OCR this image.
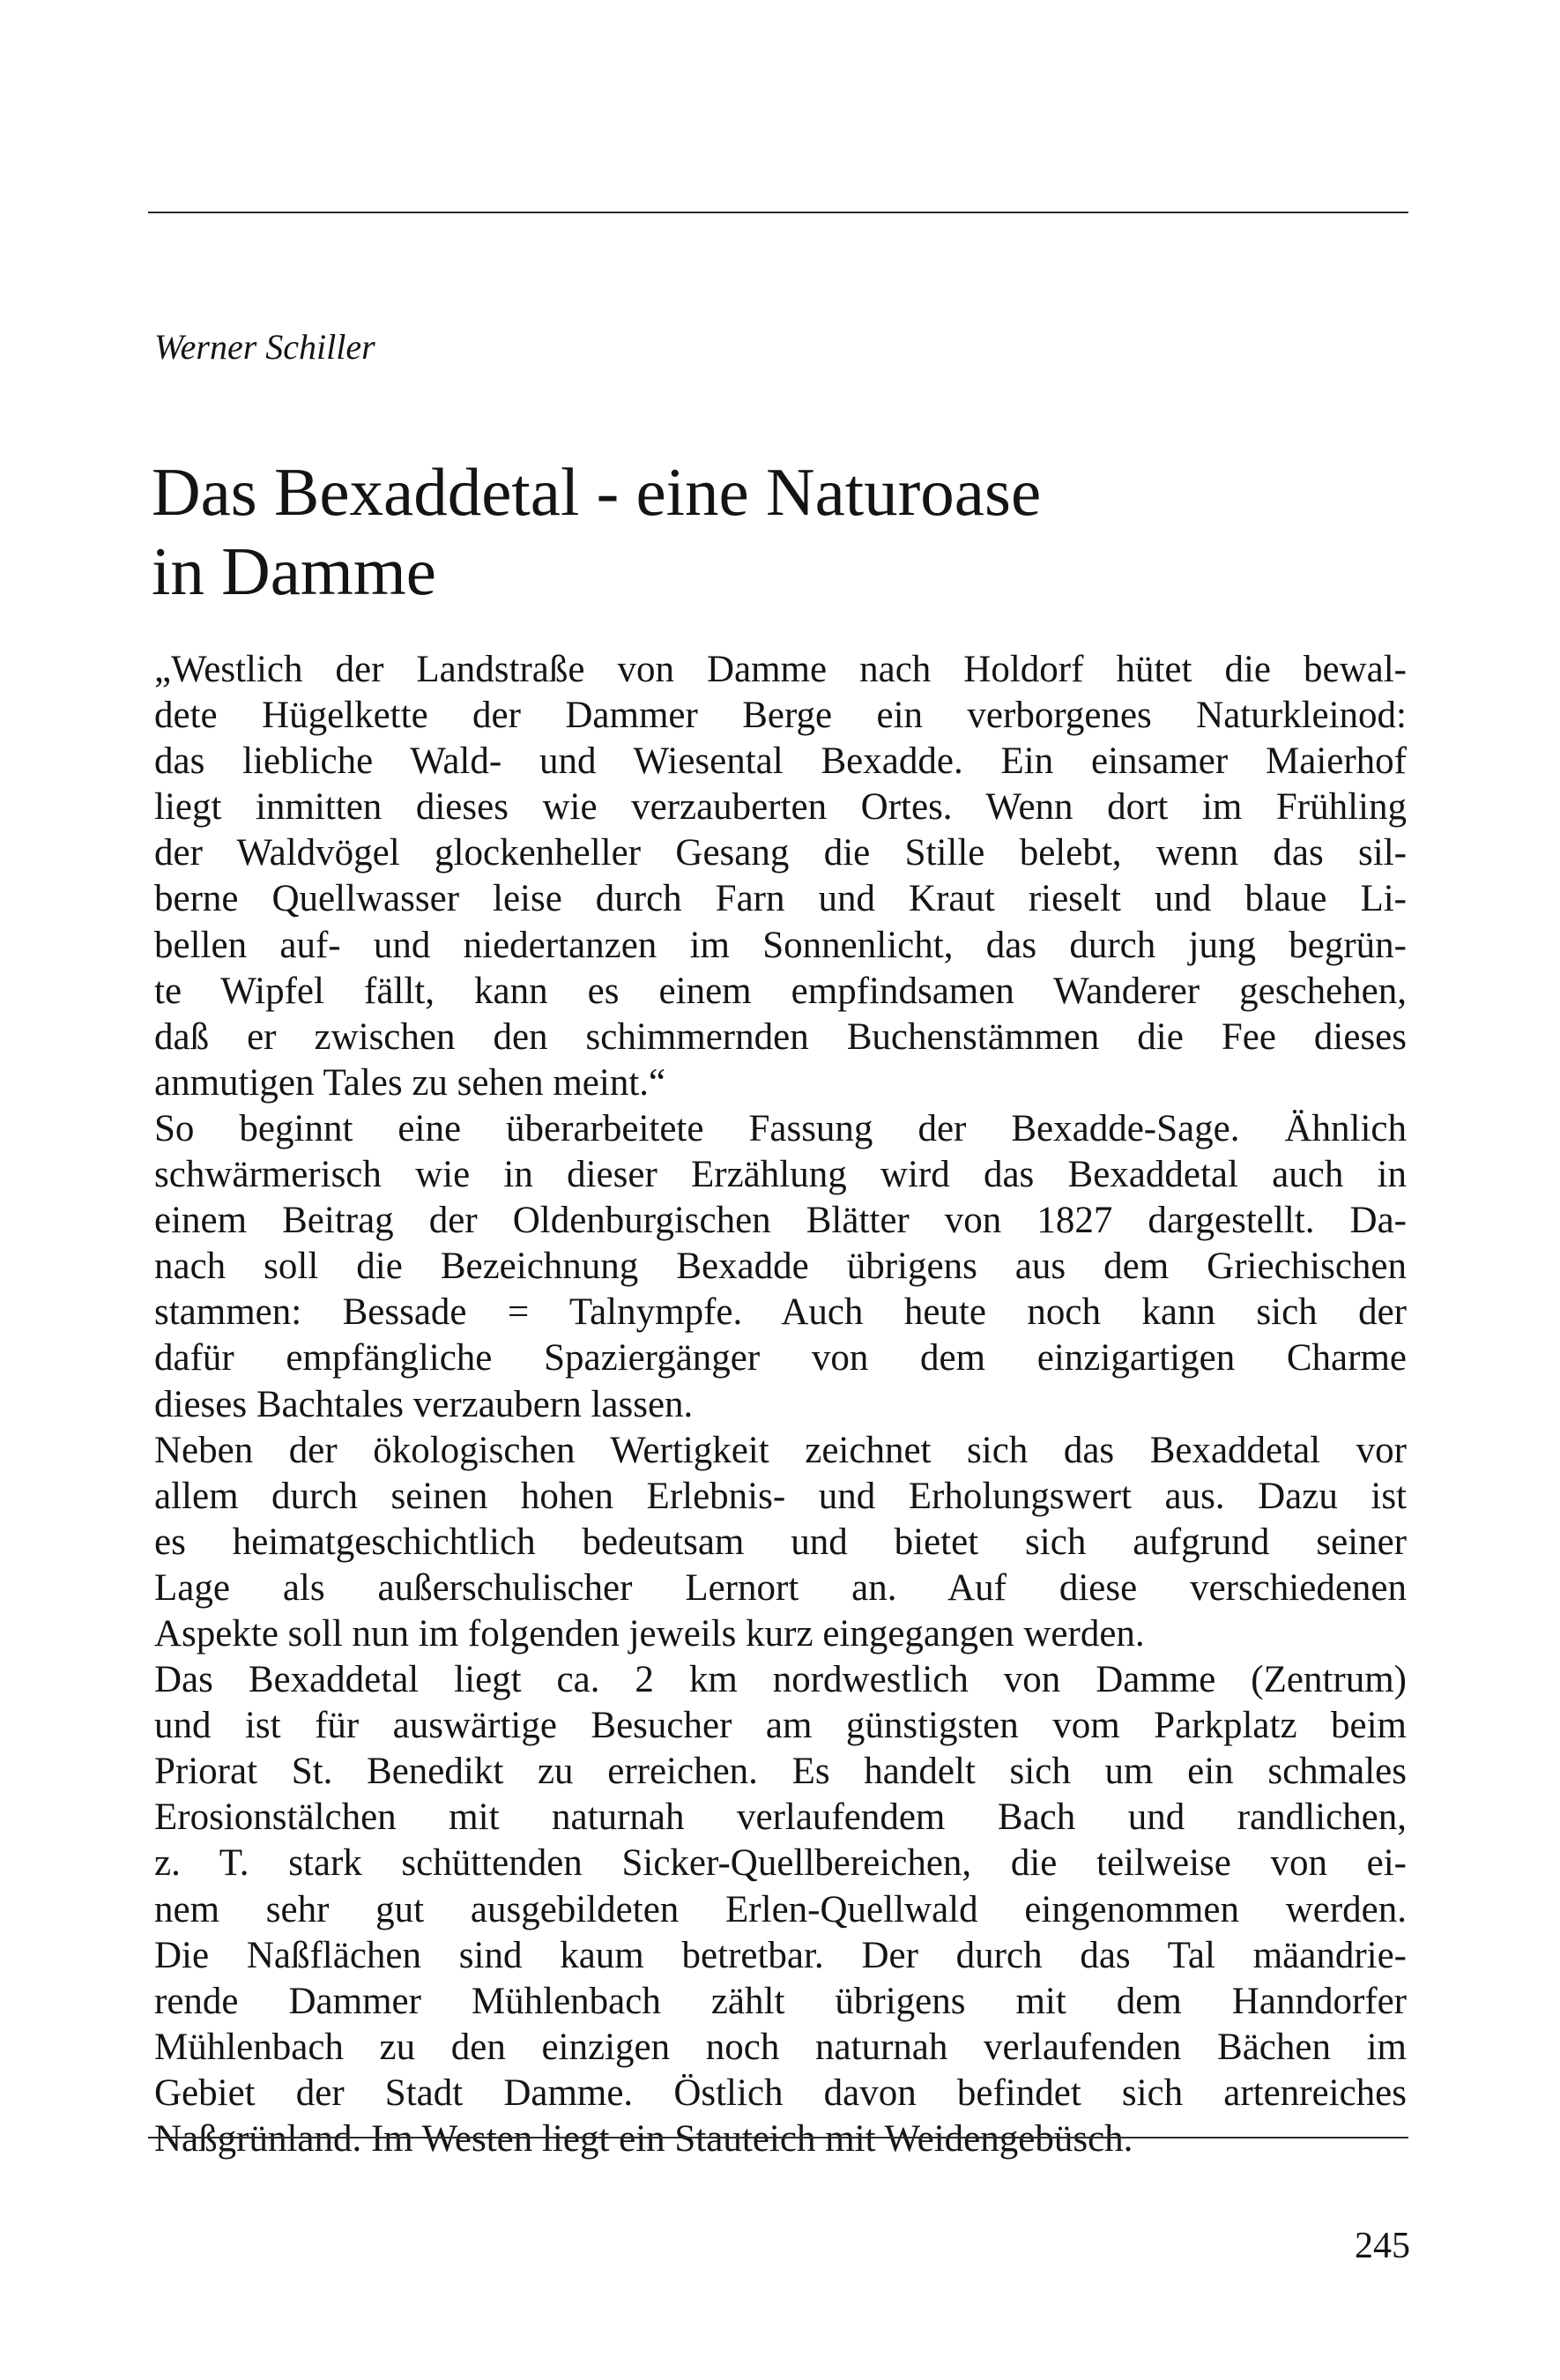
Werner Schiller
Das Bexaddetal - eine Naturoase
in Damme
„Westlich der Landstraße von Damme nach Holdorf hütet die bewal-
dete Hügelkette der Dammer Berge ein verborgenes Naturkleinod:
das liebliche Wald- und Wiesental Bexadde. Ein einsamer Maierhof
liegt inmitten dieses wie verzauberten Ortes. Wenn dort im Frühling
der Waldvögel glockenheller Gesang die Stille belebt, wenn das sil-
berne Quellwasser leise durch Farn und Kraut rieselt und blaue Li-
bellen auf- und niedertanzen im Sonnenlicht, das durch jung begrün-
te Wipfel fällt, kann es einem empfindsamen Wanderer geschehen,
daß er zwischen den schimmernden Buchenstämmen die Fee dieses
anmutigen Tales zu sehen meint.“
So beginnt eine überarbeitete Fassung der Bexadde-Sage. Ähnlich
schwärmerisch wie in dieser Erzählung wird das Bexaddetal auch in
einem Beitrag der Oldenburgischen Blätter von 1827 dargestellt. Da-
nach soll die Bezeichnung Bexadde übrigens aus dem Griechischen
stammen: Bessade = Talnympfe. Auch heute noch kann sich der
dafür empfängliche Spaziergänger von dem einzigartigen Charme
dieses Bachtales verzaubern lassen.
Neben der ökologischen Wertigkeit zeichnet sich das Bexaddetal vor
allem durch seinen hohen Erlebnis- und Erholungswert aus. Dazu ist
es heimatgeschichtlich bedeutsam und bietet sich aufgrund seiner
Lage als außerschulischer Lernort an. Auf diese verschiedenen
Aspekte soll nun im folgenden jeweils kurz eingegangen werden.
Das Bexaddetal liegt ca. 2 km nordwestlich von Damme (Zentrum)
und ist für auswärtige Besucher am günstigsten vom Parkplatz beim
Priorat St. Benedikt zu erreichen. Es handelt sich um ein schmales
Erosionstälchen mit naturnah verlaufendem Bach und randlichen,
z. T. stark schüttenden Sicker-Quellbereichen, die teilweise von ei-
nem sehr gut ausgebildeten Erlen-Quellwald eingenommen werden.
Die Naßflächen sind kaum betretbar. Der durch das Tal mäandrie-
rende Dammer Mühlenbach zählt übrigens mit dem Hanndorfer
Mühlenbach zu den einzigen noch naturnah verlaufenden Bächen im
Gebiet der Stadt Damme. Östlich davon befindet sich artenreiches
Naßgrünland. Im Westen liegt ein Stauteich mit Weidengebüsch.
245
